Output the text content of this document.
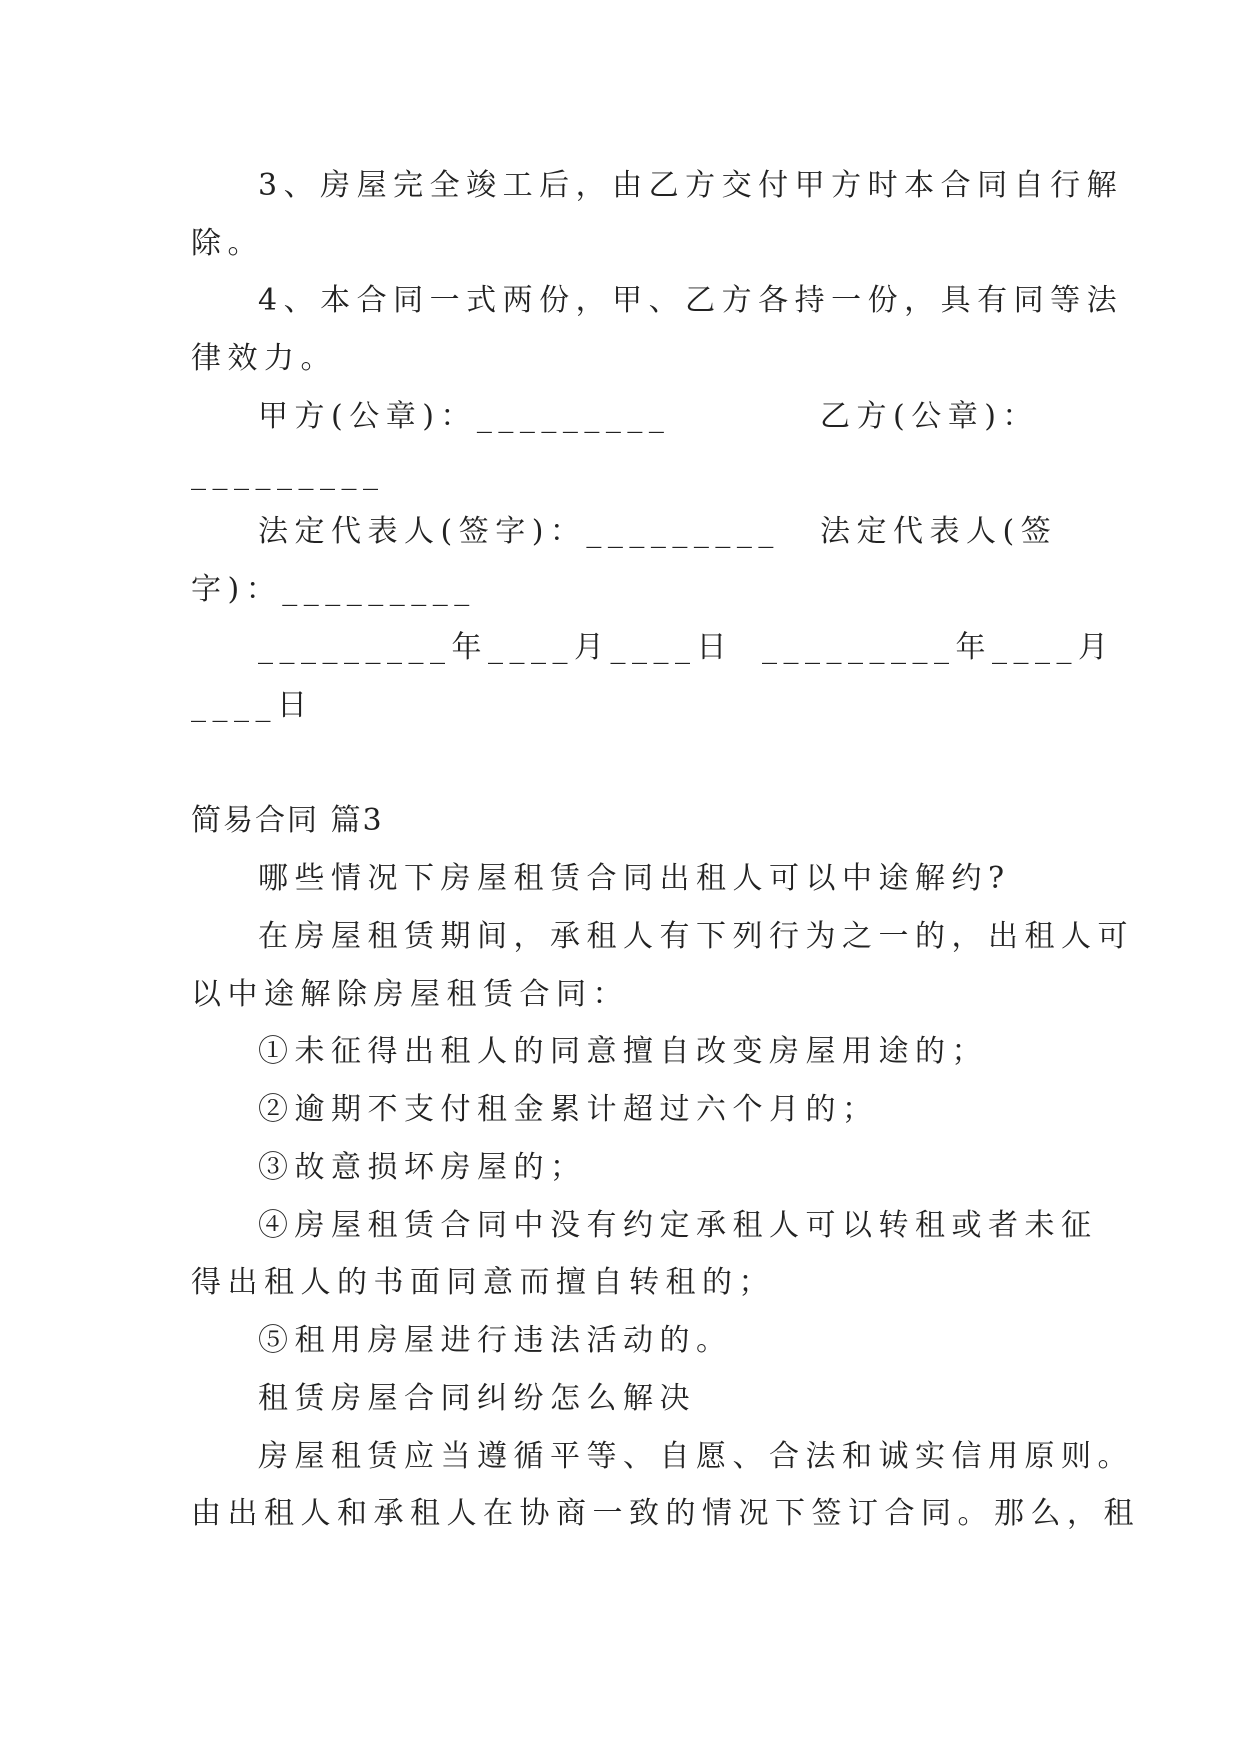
3、房屋完全竣工后，由乙方交付甲方时本合同自行解
除。
4、本合同一式两份，甲、乙方各持一份，具有同等法
律效力。
甲方(公章)：_________	乙方(公章)：
_________
法定代表人(签字)：_________ 法定代表人(签
字)：_________
_________年____月____日 _________年____月
____日
简易合同 篇3
哪些情况下房屋租赁合同出租人可以中途解约?
在房屋租赁期间，承租人有下列行为之一的，出租人可
以中途解除房屋租赁合同：
①未征得出租人的同意擅自改变房屋用途的；
②逾期不支付租金累计超过六个月的；
③故意损坏房屋的；
④房屋租赁合同中没有约定承租人可以转租或者未征
得出租人的书面同意而擅自转租的；
⑤租用房屋进行违法活动的。
租赁房屋合同纠纷怎么解决
房屋租赁应当遵循平等、自愿、合法和诚实信用原则。
由出租人和承租人在协商一致的情况下签订合同。那么，租
